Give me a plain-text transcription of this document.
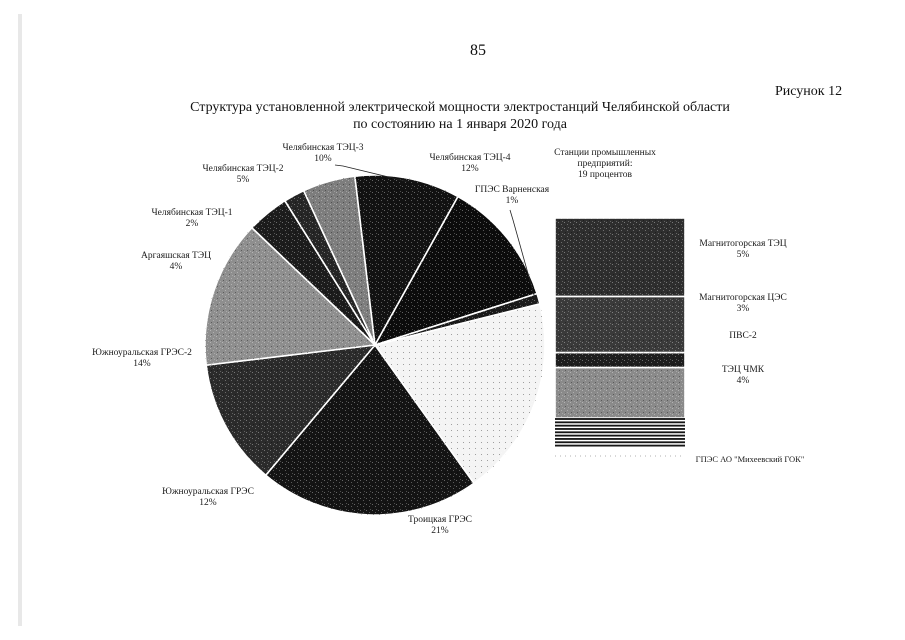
85
Рисунок 12
Структура установленной электрической мощности электростанций Челябинской области
по состоянию на 1 января 2020 года
Троицкая ГРЭС 21%
Южноуральская ГРЭС 12%
Южноуральская ГРЭС-2 14%
Аргаяшская ТЭЦ 4%
Челябинская ТЭЦ-1 2%
Челябинская ТЭЦ-2 5%
Челябинская ТЭЦ-3 10%	Челябинская ТЭЦ-4 12%
ГПЭС Варненская 1%
Станции промышленных предприятий: 19 процентов
Магнитогорская ТЭЦ 5%
Магнитогорская ЦЭС 3%
ПВС-2
ТЭЦ ЧМК 4%
ГПЭС АО "Михеевский ГОК"
